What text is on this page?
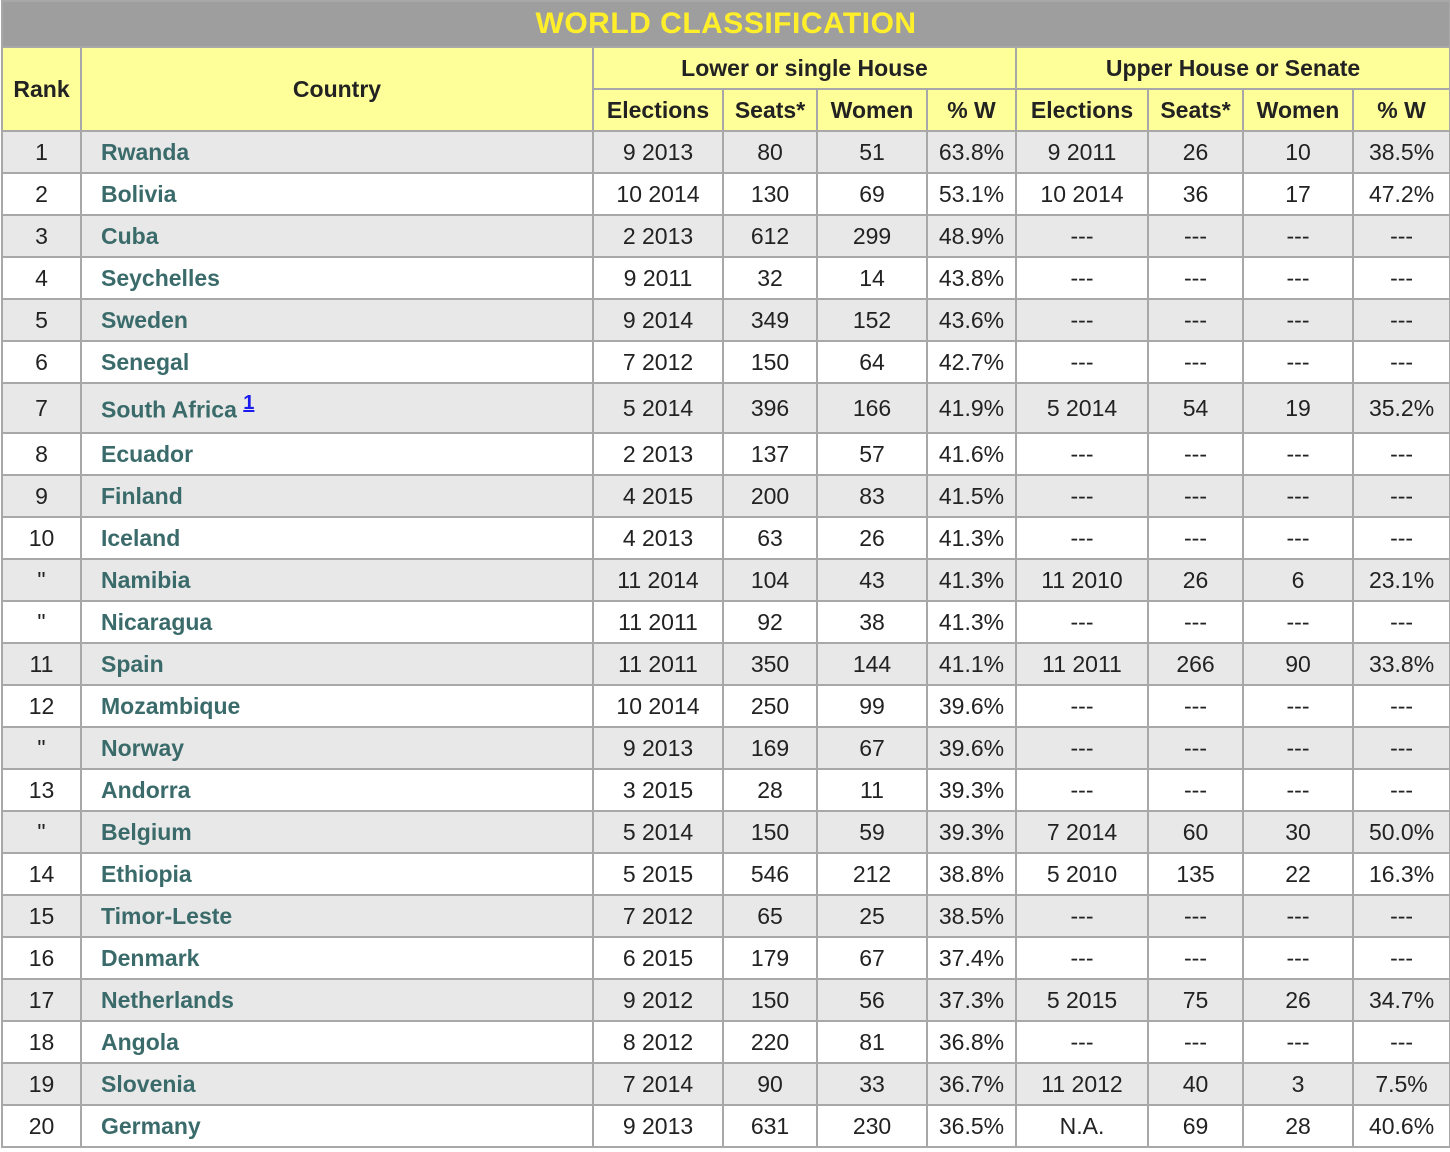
WORLD CLASSIFICATION									
Rank	Country	Lower or single House				Upper House or Senate			
		Elections	Seats*	Women	% W	Elections	Seats*	Women	% W
1	Rwanda	9 2013	80	51	63.8%	9 2011	26	10	38.5%
2	Bolivia	10 2014	130	69	53.1%	10 2014	36	17	47.2%
3	Cuba	2 2013	612	299	48.9%	---	---	---	---
4	Seychelles	9 2011	32	14	43.8%	---	---	---	---
5	Sweden	9 2014	349	152	43.6%	---	---	---	---
6	Senegal	7 2012	150	64	42.7%	---	---	---	---
7	South Africa $^1$	5 2014	396	166	41.9%	5 2014	54	19	35.2%
8	Ecuador	2 2013	137	57	41.6%	---	---	---	---
9	Finland	4 2015	200	83	41.5%	---	---	---	---
10	Iceland	4 2013	63	26	41.3%	---	---	---	---
"	Namibia	11 2014	104	43	41.3%	11 2010	26	6	23.1%
"	Nicaragua	11 2011	92	38	41.3%	---	---	---	---
11	Spain	11 2011	350	144	41.1%	11 2011	266	90	33.8%
12	Mozambique	10 2014	250	99	39.6%	---	---	---	---
"	Norway	9 2013	169	67	39.6%	---	---	---	---
13	Andorra	3 2015	28	11	39.3%	---	---	---	---
"	Belgium	5 2014	150	59	39.3%	7 2014	60	30	50.0%
14	Ethiopia	5 2015	546	212	38.8%	5 2010	135	22	16.3%
15	Timor-Leste	7 2012	65	25	38.5%	---	---	---	---
16	Denmark	6 2015	179	67	37.4%	---	---	---	---
17	Netherlands	9 2012	150	56	37.3%	5 2015	75	26	34.7%
18	Angola	8 2012	220	81	36.8%	---	---	---	---
19	Slovenia	7 2014	90	33	36.7%	11 2012	40	3	7.5%
20	Germany	9 2013	631	230	36.5%	N.A.	69	28	40.6%
